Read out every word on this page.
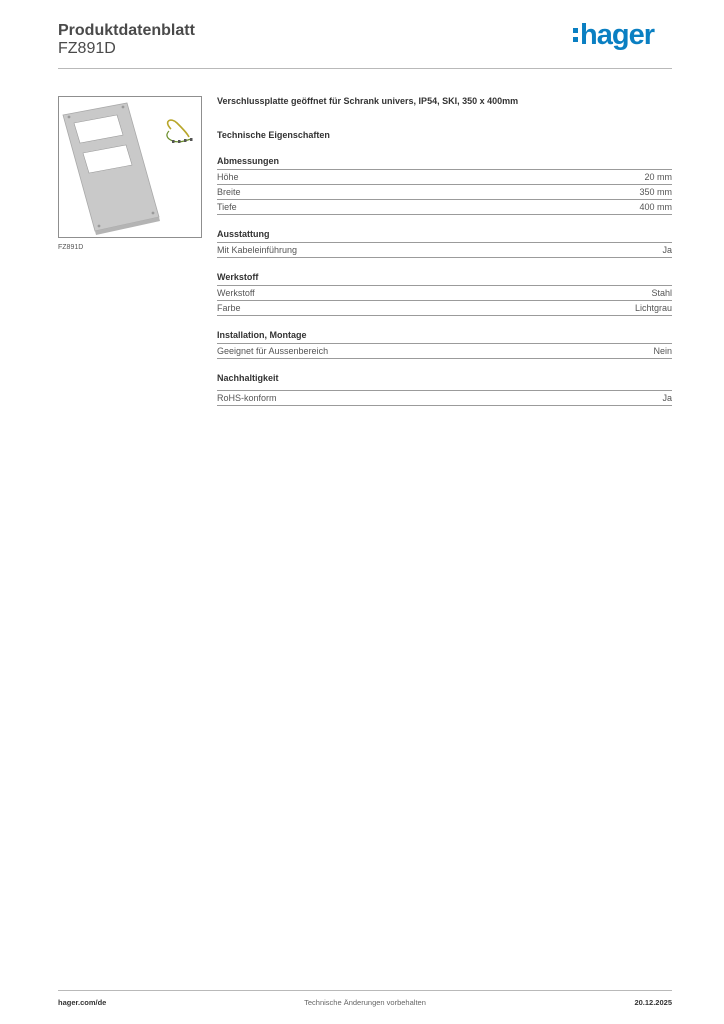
Produktdatenblatt
FZ891D	hager
FZ891D
Verschlussplatte geöffnet für Schrank univers, IP54, SKI, 350 x 400mm
Technische Eigenschaften
Abmessungen
Höhe	20 mm
Breite	350 mm
Tiefe	400 mm
Ausstattung
Mit Kabeleinführung	Ja
Werkstoff
Werkstoff	Stahl
Farbe	Lichtgrau
Installation, Montage
Geeignet für Aussenbereich	Nein
Nachhaltigkeit
RoHS-konform	Ja
hager.com/de	Technische Änderungen vorbehalten	20.12.2025
